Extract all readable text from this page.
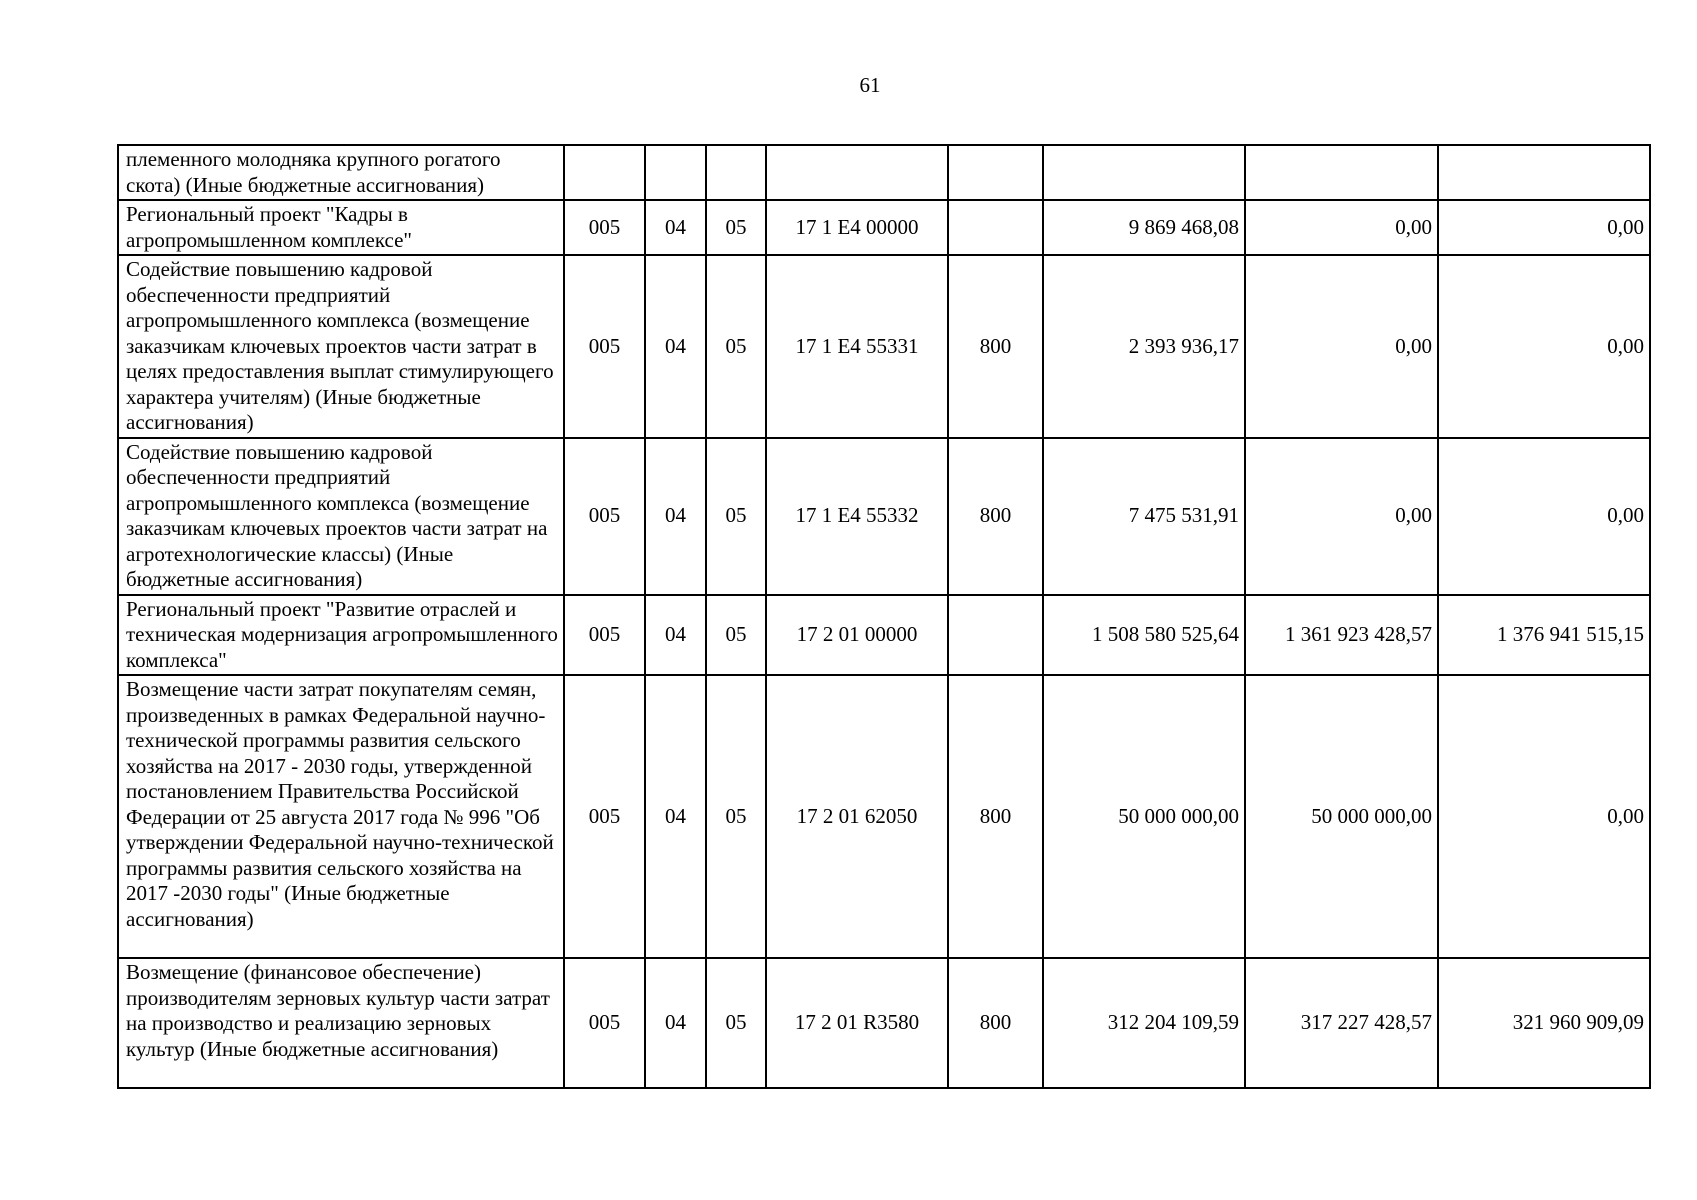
61
племенного молодняка крупного рогатого скота) (Иные бюджетные ассигнования)								
Региональный проект "Кадры в агропромышленном комплексе"	005	04	05	17 1 Е4 00000		9 869 468,08	0,00	0,00
Содействие повышению кадровой обеспеченности предприятий агропромышленного комплекса (возмещение заказчикам ключевых проектов части затрат в целях предоставления выплат стимулирующего характера учителям) (Иные бюджетные ассигнования)	005	04	05	17 1 Е4 55331	800	2 393 936,17	0,00	0,00
Содействие повышению кадровой обеспеченности предприятий агропромышленного комплекса (возмещение заказчикам ключевых проектов части затрат на агротехнологические классы) (Иные бюджетные ассигнования)	005	04	05	17 1 Е4 55332	800	7 475 531,91	0,00	0,00
Региональный проект "Развитие отраслей и техническая модернизация агропромышленного комплекса"	005	04	05	17 2 01 00000		1 508 580 525,64	1 361 923 428,57	1 376 941 515,15
Возмещение части затрат покупателям семян, произведенных в рамках Федеральной научно-технической программы развития сельского хозяйства на 2017 - 2030 годы, утвержденной постановлением Правительства Российской Федерации от 25 августа 2017 года № 996 "Об утверждении Федеральной научно-технической программы развития сельского хозяйства на 2017 -2030 годы" (Иные бюджетные ассигнования)	005	04	05	17 2 01 62050	800	50 000 000,00	50 000 000,00	0,00
Возмещение (финансовое обеспечение) производителям зерновых культур части затрат на производство и реализацию зерновых культур (Иные бюджетные ассигнования)	005	04	05	17 2 01 R3580	800	312 204 109,59	317 227 428,57	321 960 909,09
